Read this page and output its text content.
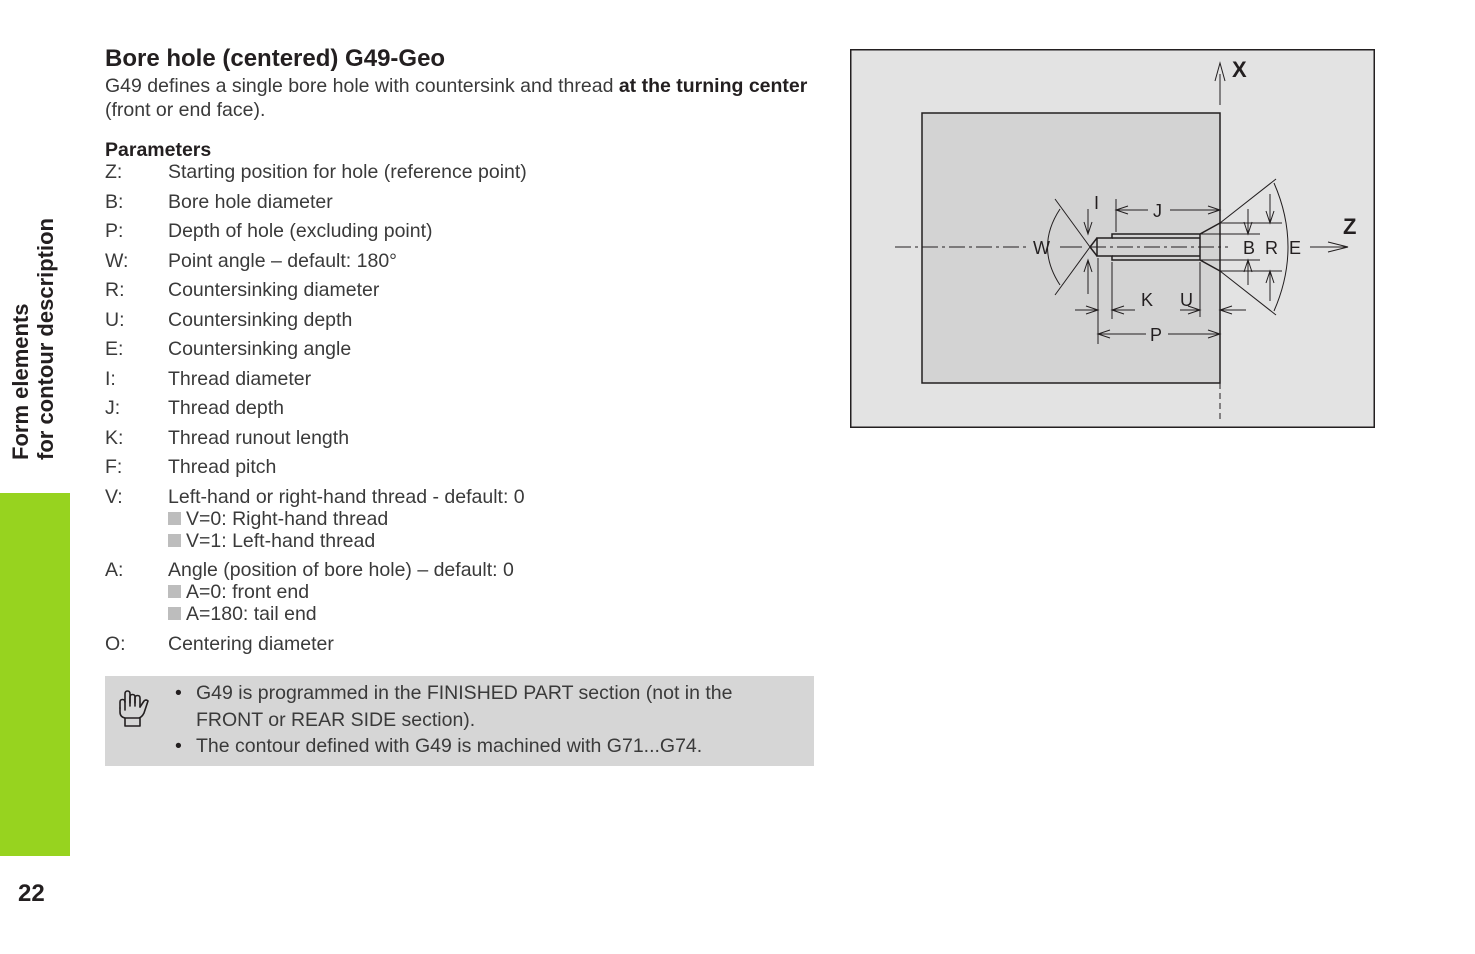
Form elements for contour description
22
Bore hole (centered) G49-Geo

G49 defines a single bore hole with countersink and thread at the turning center (front or end face).

Parameters
Z:	Starting position for hole (reference point)
B:	Bore hole diameter
P:	Depth of hole (excluding point)
W:	Point angle – default: 180°
R:	Countersinking diameter
U:	Countersinking depth
E:	Countersinking angle
I:	Thread diameter
J:	Thread depth
K:	Thread runout length
F:	Thread pitch
V:	Left-hand or right-hand thread - default: 0
V=0: Right-hand thread
V=1: Left-hand thread
A:	Angle (position of bore hole) – default: 0
A=0: front end
A=180: tail end
O:	Centering diameter
• G49 is programmed in the FINISHED PART section (not in the FRONT or REAR SIDE section).
• The contour defined with G49 is machined with G71...G74.
X
Z
W
I	J
K U
P
B R E
